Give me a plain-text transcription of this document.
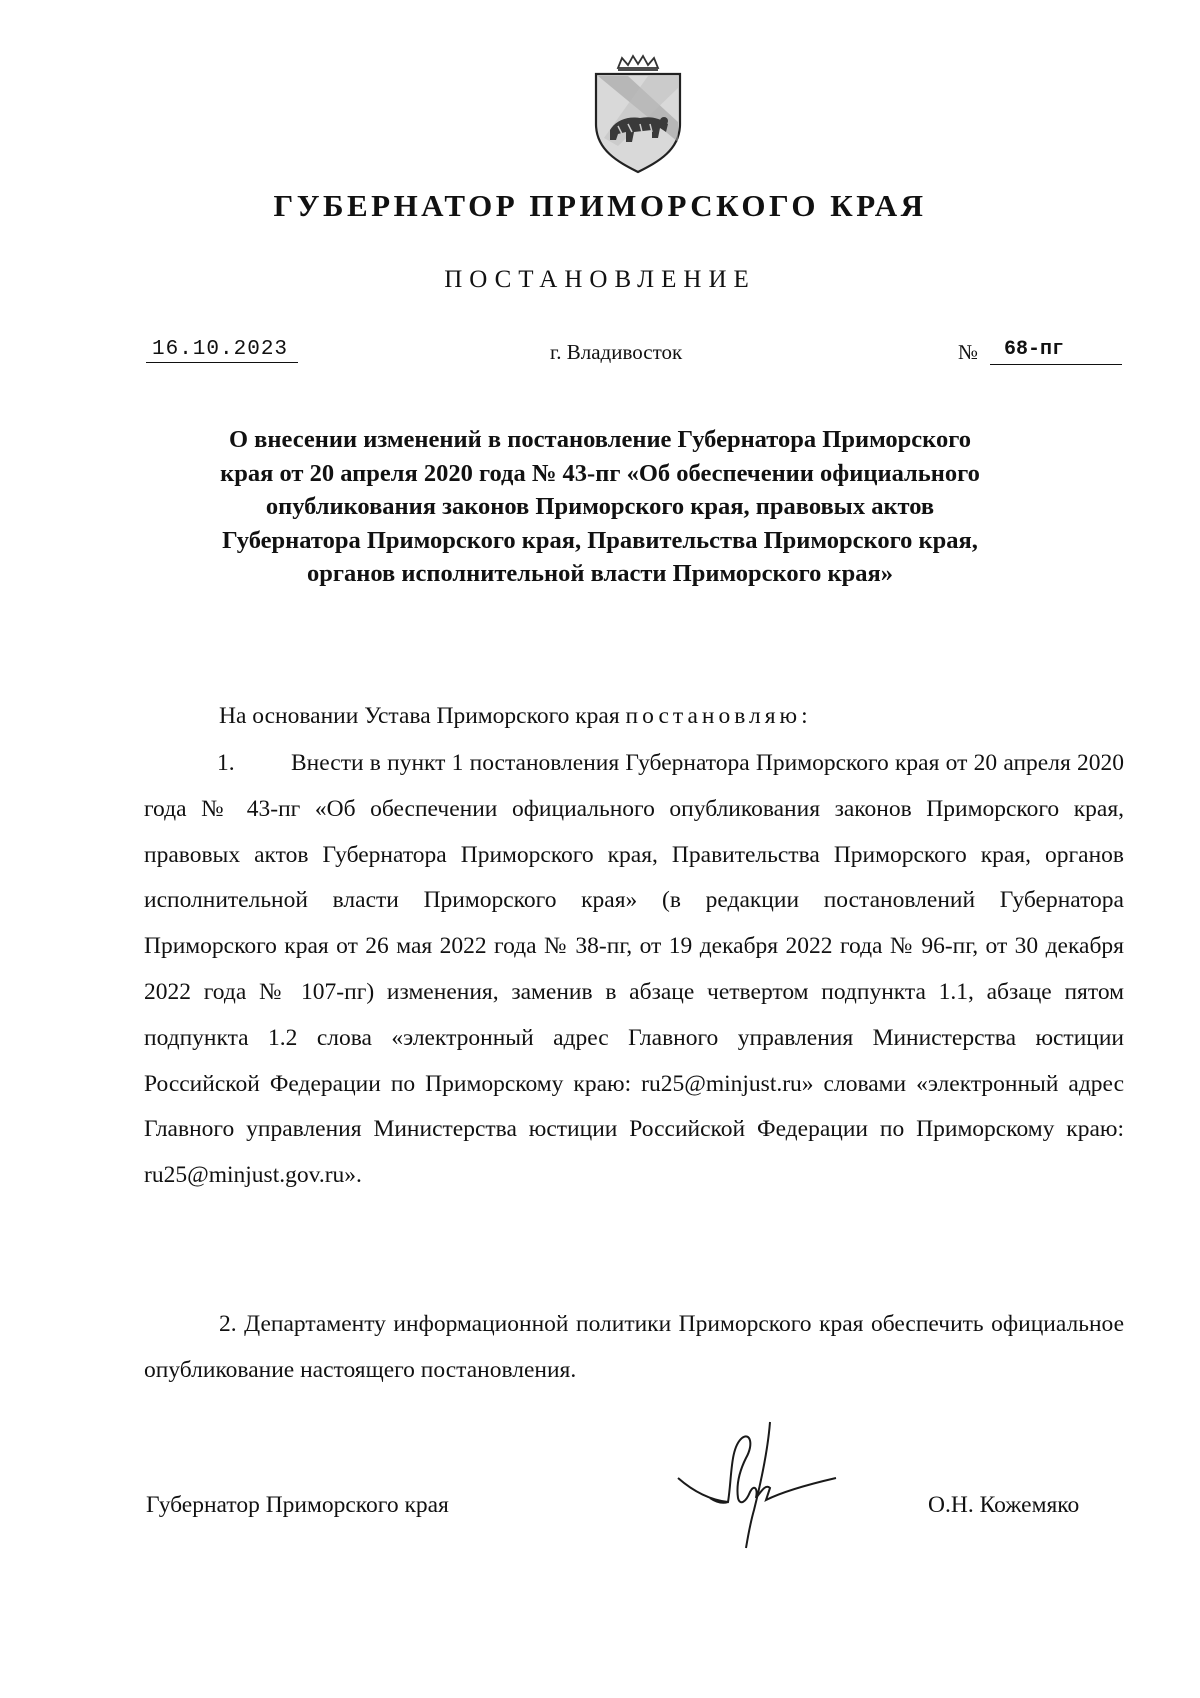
ГУБЕРНАТОР ПРИМОРСКОГО КРАЯ
ПОСТАНОВЛЕНИЕ
16.10.2023	г. Владивосток	№ 68-пг
О внесении изменений в постановление Губернатора Приморского края от 20 апреля 2020 года № 43-пг «Об обеспечении официального опубликования законов Приморского края, правовых актов Губернатора Приморского края, Правительства Приморского края, органов исполнительной власти Приморского края»
На основании Устава Приморского края постановляю:
1. Внести в пункт 1 постановления Губернатора Приморского края от 20 апреля 2020 года № 43-пг «Об обеспечении официального опубликования законов Приморского края, правовых актов Губернатора Приморского края, Правительства Приморского края, органов исполнительной власти Приморского края» (в редакции постановлений Губернатора Приморского края от 26 мая 2022 года № 38-пг, от 19 декабря 2022 года № 96-пг, от 30 декабря 2022 года № 107-пг) изменения, заменив в абзаце четвертом подпункта 1.1, абзаце пятом подпункта 1.2 слова «электронный адрес Главного управления Министерства юстиции Российской Федерации по Приморскому краю: ru25@minjust.ru» словами «электронный адрес Главного управления Министерства юстиции Российской Федерации по Приморскому краю: ru25@minjust.gov.ru».
2. Департаменту информационной политики Приморского края обеспечить официальное опубликование настоящего постановления.
Губернатор Приморского края	О.Н. Кожемяко
